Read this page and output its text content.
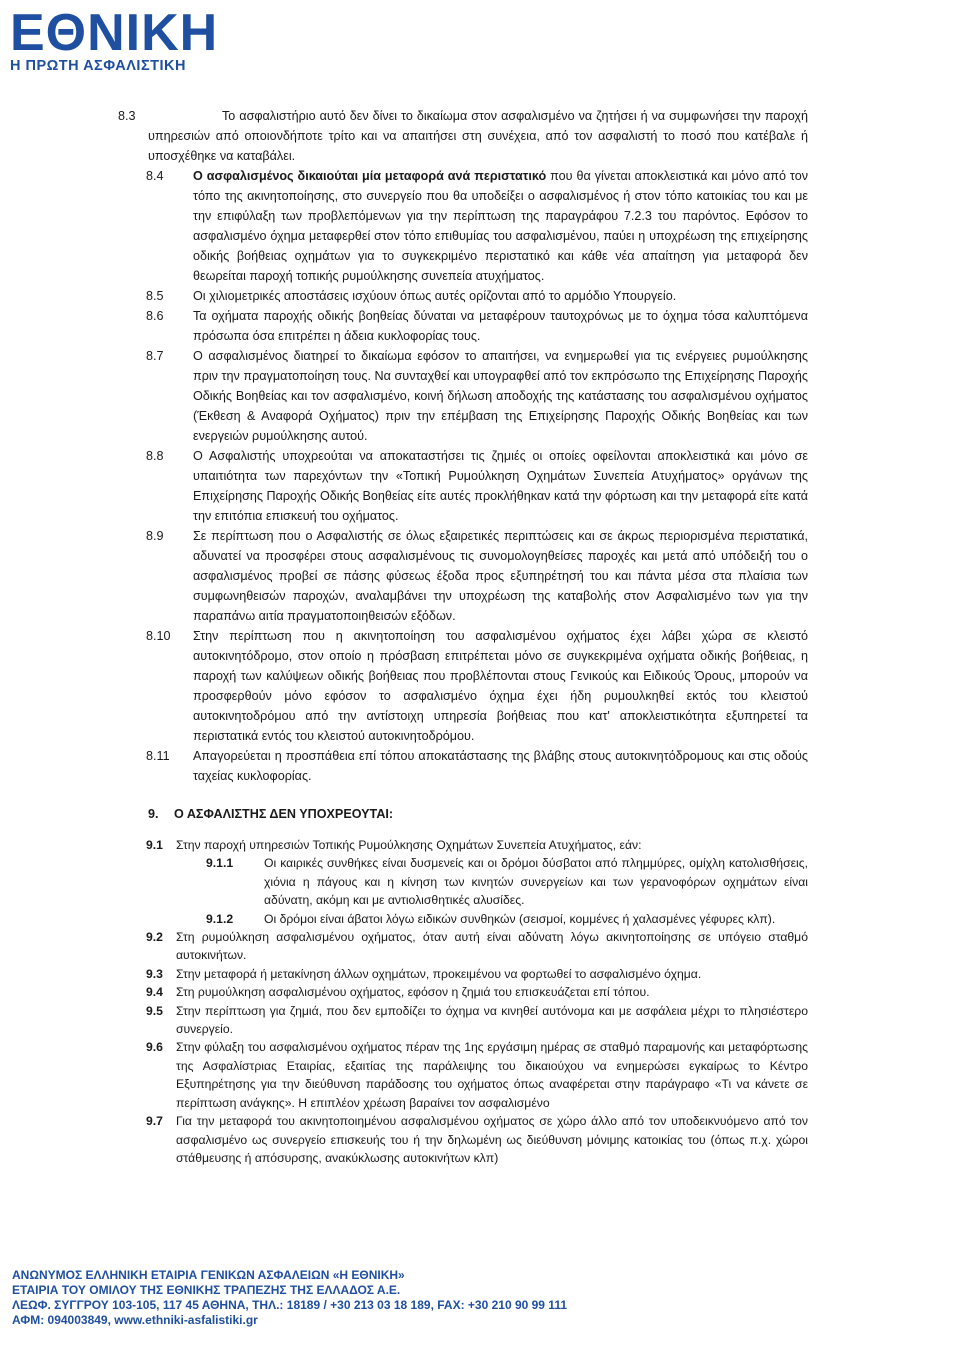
ΕΘΝΙΚΗ
Η ΠΡΩΤΗ ΑΣΦΑΛΙΣΤΙΚΗ
8.3	Το ασφαλιστήριο αυτό δεν δίνει το δικαίωμα στον ασφαλισμένο να ζητήσει ή να συμφωνήσει την παροχή υπηρεσιών από οποιονδήποτε τρίτο και να απαιτήσει στη συνέχεια, από τον ασφαλιστή το ποσό που κατέβαλε ή υποσχέθηκε να καταβάλει.
8.4 Ο ασφαλισμένος δικαιούται μία μεταφορά ανά περιστατικό που θα γίνεται αποκλειστικά και μόνο από τον τόπο της ακινητοποίησης, στο συνεργείο που θα υποδείξει ο ασφαλισμένος ή στον τόπο κατοικίας του και με την επιφύλαξη των προβλεπόμενων για την περίπτωση της παραγράφου 7.2.3 του παρόντος. Εφόσον το ασφαλισμένο όχημα μεταφερθεί στον τόπο επιθυμίας του ασφαλισμένου, παύει η υποχρέωση της επιχείρησης οδικής βοήθειας οχημάτων για το συγκεκριμένο περιστατικό και κάθε νέα απαίτηση για μεταφορά δεν θεωρείται παροχή τοπικής ρυμούλκησης συνεπεία ατυχήματος.
8.5 Οι χιλιομετρικές αποστάσεις ισχύουν όπως αυτές ορίζονται από το αρμόδιο Υπουργείο.
8.6 Τα οχήματα παροχής οδικής βοηθείας δύναται να μεταφέρουν ταυτοχρόνως με το όχημα τόσα καλυπτόμενα πρόσωπα όσα επιτρέπει η άδεια κυκλοφορίας τους.
8.7 Ο ασφαλισμένος διατηρεί το δικαίωμα εφόσον το απαιτήσει, να ενημερωθεί για τις ενέργειες ρυμούλκησης πριν την πραγματοποίηση τους. Να συνταχθεί και υπογραφθεί από τον εκπρόσωπο της Επιχείρησης Παροχής Οδικής Βοηθείας και τον ασφαλισμένο, κοινή δήλωση αποδοχής της κατάστασης του ασφαλισμένου οχήματος (Έκθεση & Αναφορά Οχήματος) πριν την επέμβαση της Επιχείρησης Παροχής Οδικής Βοηθείας και των ενεργειών ρυμούλκησης αυτού.
8.8 Ο Ασφαλιστής υποχρεούται να αποκαταστήσει τις ζημιές οι οποίες οφείλονται αποκλειστικά και μόνο σε υπαιτιότητα των παρεχόντων την «Τοπική Ρυμούλκηση Οχημάτων Συνεπεία Ατυχήματος» οργάνων της Επιχείρησης Παροχής Οδικής Βοηθείας είτε αυτές προκλήθηκαν κατά την φόρτωση και την μεταφορά είτε κατά την επιτόπια επισκευή του οχήματος.
8.9 Σε περίπτωση που ο Ασφαλιστής σε όλως εξαιρετικές περιπτώσεις και σε άκρως περιορισμένα περιστατικά, αδυνατεί να προσφέρει στους ασφαλισμένους τις συνομολογηθείσες παροχές και μετά από υπόδειξή του ο ασφαλισμένος προβεί σε πάσης φύσεως έξοδα προς εξυπηρέτησή του και πάντα μέσα στα πλαίσια των συμφωνηθεισών παροχών, αναλαμβάνει την υποχρέωση της καταβολής στον Ασφαλισμένο των για την παραπάνω αιτία πραγματοποιηθεισών εξόδων.
8.10 Στην περίπτωση που η ακινητοποίηση του ασφαλισμένου οχήματος έχει λάβει χώρα σε κλειστό αυτοκινητόδρομο, στον οποίο η πρόσβαση επιτρέπεται μόνο σε συγκεκριμένα οχήματα οδικής βοήθειας, η παροχή των καλύψεων οδικής βοήθειας που προβλέπονται στους Γενικούς και Ειδικούς Όρους, μπορούν να προσφερθούν μόνο εφόσον το ασφαλισμένο όχημα έχει ήδη ρυμουλκηθεί εκτός του κλειστού αυτοκινητοδρόμου από την αντίστοιχη υπηρεσία βοήθειας που κατ' αποκλειστικότητα εξυπηρετεί τα περιστατικά εντός του κλειστού αυτοκινητοδρόμου.
8.11 Απαγορεύεται η προσπάθεια επί τόπου αποκατάστασης της βλάβης στους αυτοκινητόδρομους και στις οδούς ταχείας κυκλοφορίας.
9. Ο ΑΣΦΑΛΙΣΤΗΣ ΔΕΝ ΥΠΟΧΡΕΟΥΤΑΙ:
9.1 Στην παροχή υπηρεσιών Τοπικής Ρυμούλκησης Οχημάτων Συνεπεία Ατυχήματος, εάν:
9.1.1	Οι καιρικές συνθήκες είναι δυσμενείς και οι δρόμοι δύσβατοι από πλημμύρες, ομίχλη κατολισθήσεις, χιόνια η πάγους και η κίνηση των κινητών συνεργείων και των γερανοφόρων οχημάτων είναι αδύνατη, ακόμη και με αντιολισθητικές αλυσίδες.
9.1.2	Οι δρόμοι είναι άβατοι λόγω ειδικών συνθηκών (σεισμοί, κομμένες ή χαλασμένες γέφυρες κλπ).
9.2 Στη ρυμούλκηση ασφαλισμένου οχήματος, όταν αυτή είναι αδύνατη λόγω ακινητοποίησης σε υπόγειο σταθμό αυτοκινήτων.
9.3 Στην μεταφορά ή μετακίνηση άλλων οχημάτων, προκειμένου να φορτωθεί το ασφαλισμένο όχημα.
9.4 Στη ρυμούλκηση ασφαλισμένου οχήματος, εφόσον η ζημιά του επισκευάζεται επί τόπου.
9.5 Στην περίπτωση για ζημιά, που δεν εμποδίζει το όχημα να κινηθεί αυτόνομα και με ασφάλεια μέχρι το πλησιέστερο συνεργείο.
9.6 Στην φύλαξη του ασφαλισμένου οχήματος πέραν της 1ης εργάσιμη ημέρας σε σταθμό παραμονής και μεταφόρτωσης της Ασφαλίστριας Εταιρίας, εξαιτίας της παράλειψης του δικαιούχου να ενημερώσει εγκαίρως το Κέντρο Εξυπηρέτησης για την διεύθυνση παράδοσης του οχήματος όπως αναφέρεται στην παράγραφο «Τι να κάνετε σε περίπτωση ανάγκης». Η επιπλέον χρέωση βαραίνει τον ασφαλισμένο
9.7 Για την μεταφορά του ακινητοποιημένου ασφαλισμένου οχήματος σε χώρο άλλο από τον υποδεικνυόμενο από τον ασφαλισμένο ως συνεργείο επισκευής του ή την δηλωμένη ως διεύθυνση μόνιμης κατοικίας του (όπως π.χ. χώροι στάθμευσης ή απόσυρσης, ανακύκλωσης αυτοκινήτων κλπ)
ΑΝΩΝΥΜΟΣ ΕΛΛΗΝΙΚΗ ΕΤΑΙΡΙΑ ΓΕΝΙΚΩΝ ΑΣΦΑΛΕΙΩΝ «Η ΕΘΝΙΚΗ»
ΕΤΑΙΡΙΑ ΤΟΥ ΟΜΙΛΟΥ ΤΗΣ ΕΘΝΙΚΗΣ ΤΡΑΠΕΖΗΣ ΤΗΣ ΕΛΛΑΔΟΣ Α.Ε.
ΛΕΩΦ. ΣΥΓΓΡΟΥ 103-105, 117 45 ΑΘΗΝΑ, ΤΗΛ.: 18189 / +30 213 03 18 189, FAX: +30 210 90 99 111
ΑΦΜ: 094003849, www.ethniki-asfalistiki.gr
